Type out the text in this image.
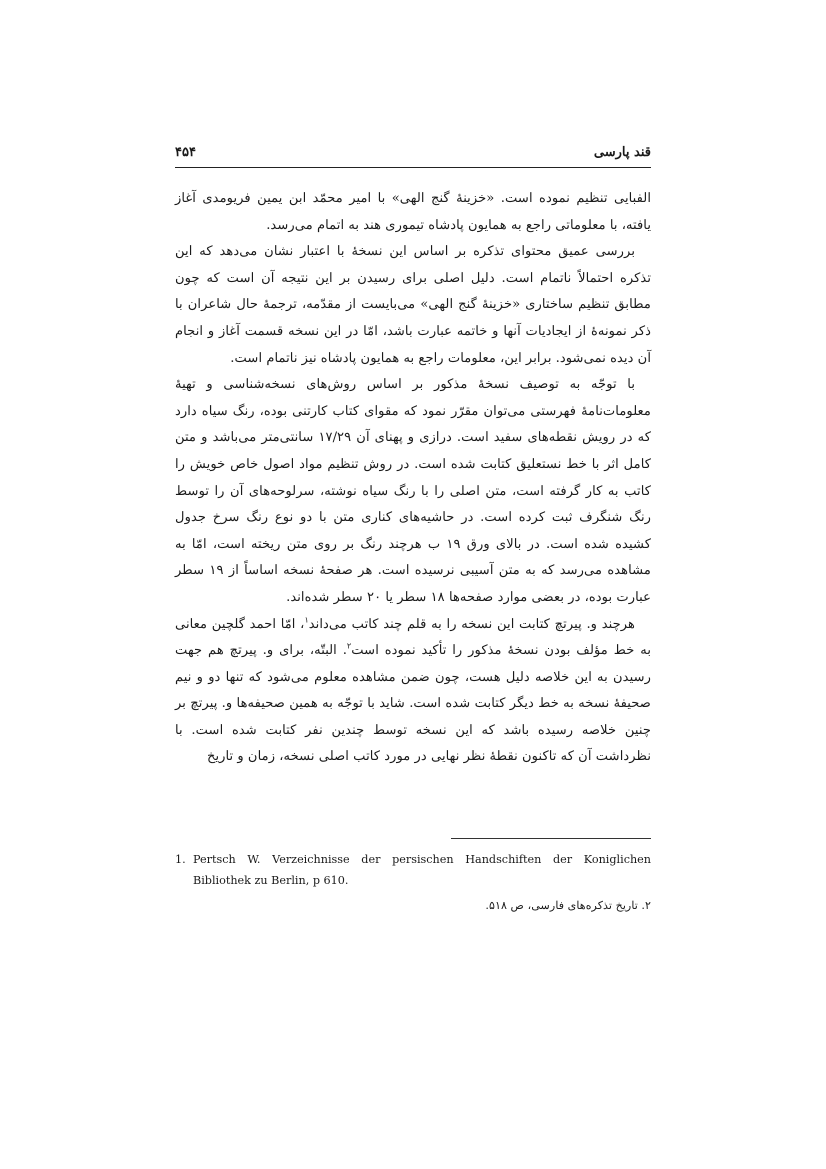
قند پارسی
۴۵۴

الفبایی تنظیم نموده است. «خزینهٔ گنج الهی» با امیر محمّد ابن یمین فریومدی آغاز یافته، با معلوماتی راجع به همایون پادشاه تیموری هند به اتمام می‌رسد.

بررسی عمیق محتوای تذکره بر اساس این نسخهٔ با اعتبار نشان می‌دهد که این تذکره احتمالاً ناتمام است. دلیل اصلی برای رسیدن بر این نتیجه آن است که چون مطابق تنظیم ساختاری «خزینهٔ گنج الهی» می‌بایست از مقدّمه، ترجمهٔ حال شاعران با ذکر نمونه‌هٔ از ایجادیات آنها و خاتمه عبارت باشد، امّا در این نسخه قسمت آغاز و انجام آن دیده نمی‌شود. برابر این، معلومات راجع به همایون پادشاه نیز ناتمام است.

با توجّه به توصیف نسخهٔ مذکور بر اساس روش‌های نسخه‌شناسی و تهیهٔ معلومات‌نامهٔ فهرستی می‌توان مقرّر نمود که مقوای کتاب کارتنی بوده، رنگ سیاه دارد که در رویش نقطه‌های سفید است. درازی و پهنای آن ۱۷/۲۹ سانتی‌متر می‌باشد و متن کامل اثر با خط نستعلیق کتابت شده است. در روش تنظیم مواد اصول خاص خویش را کاتب به کار گرفته است، متن اصلی را با رنگ سیاه نوشته، سرلوحه‌های آن را توسط رنگ شنگرف ثبت کرده است. در حاشیه‌های کناری متن با دو نوع رنگ سرخ جدول کشیده شده است. در بالای ورق ۱۹ ب هرچند رنگ بر روی متن ریخته است، امّا به مشاهده می‌رسد که به متن آسیبی نرسیده است. هر صفحهٔ نسخه اساساً از ۱۹ سطر عبارت بوده، در بعضی موارد صفحه‌ها ۱۸ سطر یا ۲۰ سطر شده‌اند.

هرچند و. پیرتچ کتابت این نسخه را به قلم چند کاتب می‌داند$^۱$، امّا احمد گلچین معانی به خط مؤلف بودن نسخهٔ مذکور را تأکید نموده است$^۲$. البتّه، برای و. پیرتچ هم جهت رسیدن به این خلاصه دلیل هست، چون ضمن مشاهده معلوم می‌شود که تنها دو و نیم صحیفهٔ نسخه به خط دیگر کتابت شده است. شاید با توجّه به همین صحیفه‌ها و. پیرتچ بر چنین خلاصه رسیده باشد که این نسخه توسط چندین نفر کتابت شده است. با نظرداشت آن که تاکنون نقطهٔ نظر نهایی در مورد کاتب اصلی نسخه، زمان و تاریخ

1. Pertsch W. Verzeichnisse der persischen Handschiften der Koniglichen Bibliothek zu Berlin, p 610.

۲. تاریخ تذکره‌های فارسی، ص ۵۱۸.
